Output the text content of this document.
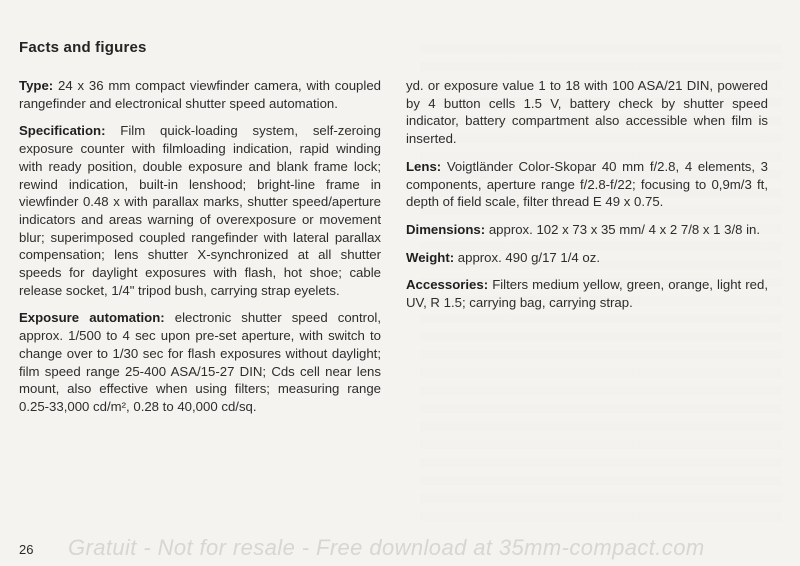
Facts and figures

Type: 24 x 36 mm compact viewfinder camera, with coupled rangefinder and electronical shutter speed automation.

Specification: Film quick-loading system, self-zeroing exposure counter with filmloading indication, rapid winding with ready position, double exposure and blank frame lock; rewind indication, built-in lenshood; bright-line frame in viewfinder 0.48 x with parallax marks, shutter speed/aperture indicators and areas warning of overexposure or movement blur; superimposed coupled rangefinder with lateral parallax compensation; lens shutter X-synchronized at all shutter speeds for daylight exposures with flash, hot shoe; cable release socket, 1/4" tripod bush, carrying strap eyelets.

Exposure automation: electronic shutter speed control, approx. 1/500 to 4 sec upon pre-set aperture, with switch to change over to 1/30 sec for flash exposures without daylight; film speed range 25-400 ASA/15-27 DIN; Cds cell near lens mount, also effective when using filters; measuring range 0.25-33,000 cd/m², 0.28 to 40,000 cd/sq.

yd. or exposure value 1 to 18 with 100 ASA/21 DIN, powered by 4 button cells 1.5 V, battery check by shutter speed indicator, battery compartment also accessible when film is inserted.

Lens: Voigtländer Color-Skopar 40 mm f/2.8, 4 elements, 3 components, aperture range f/2.8-f/22; focusing to 0,9m/3 ft, depth of field scale, filter thread E 49 x 0.75.

Dimensions: approx. 102 x 73 x 35 mm/ 4 x 2 7/8 x 1 3/8 in.

Weight: approx. 490 g/17 1/4 oz.

Accessories: Filters medium yellow, green, orange, light red, UV, R 1.5; carrying bag, carrying strap.

26 Gratuit - Not for resale - Free download at 35mm-compact.com
